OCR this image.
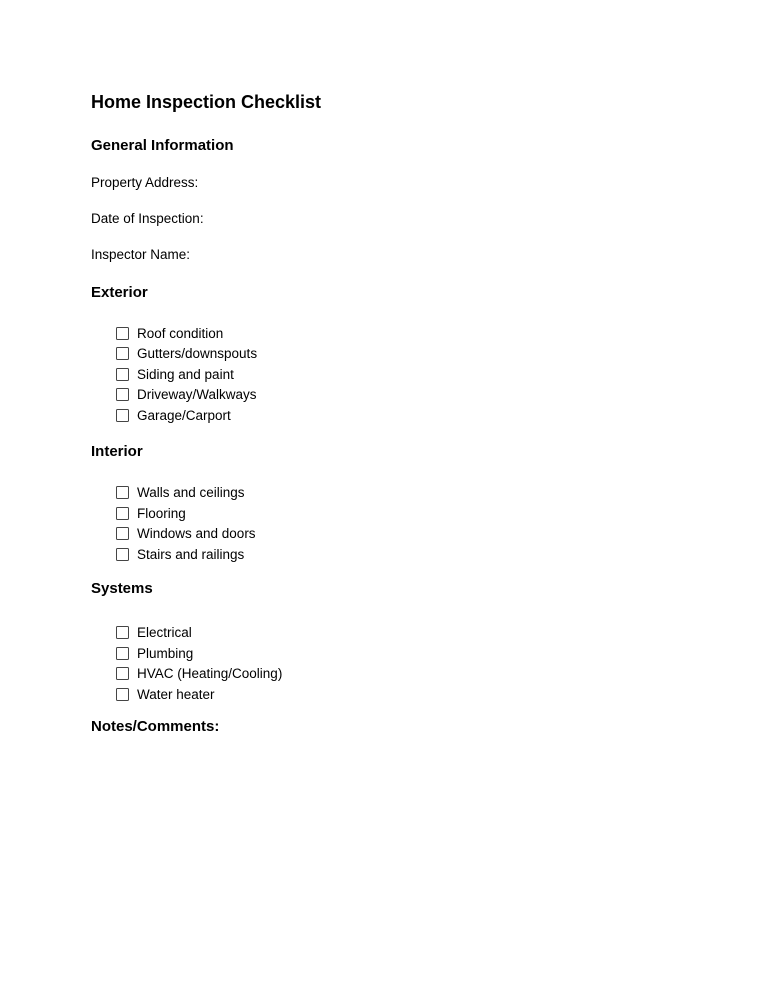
Home Inspection Checklist
General Information

Property Address:

Date of Inspection:

Inspector Name:

Exterior
Roof condition
Gutters/downspouts
Siding and paint
Driveway/Walkways
Garage/Carport
Interior
Walls and ceilings
Flooring
Windows and doors
Stairs and railings
Systems
Electrical
Plumbing
HVAC (Heating/Cooling)
Water heater
Notes/Comments:
